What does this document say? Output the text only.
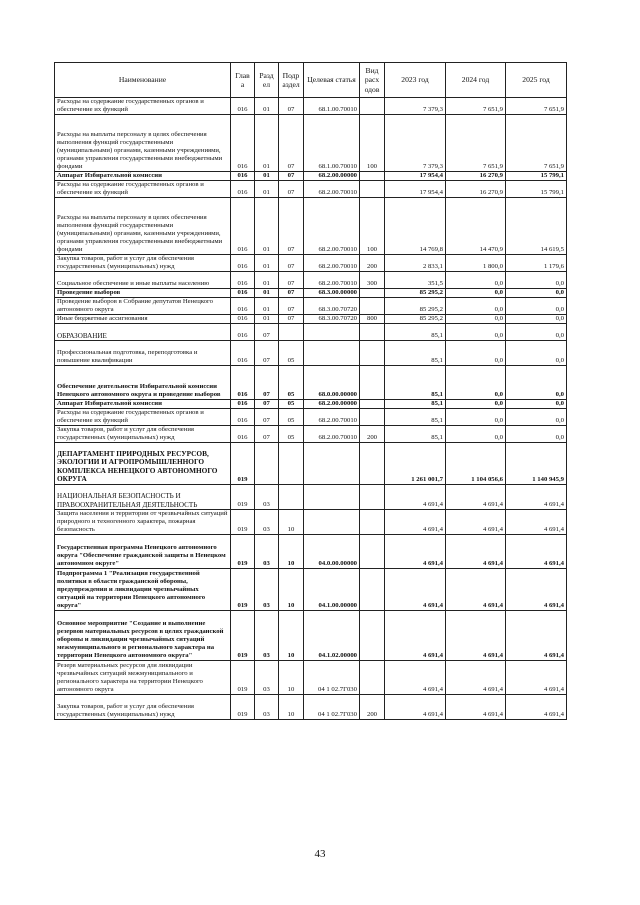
Наименование	Глав а	Разд ел	Подр аздел	Целевая статья	Вид расх одов	2023 год	2024 год	2025 год
Расходы на содержание государственных органов и обеспечение их функций	016	01	07	68.1.00.70010		7 379,3	7 651,9	7 651,9
Расходы на выплаты персоналу в целях обеспечения выполнения функций государственными (муниципальными) органами, казенными учреждениями, органами управления государственными внебюджетными фондами	016	01	07	68.1.00.70010	100	7 379,3	7 651,9	7 651,9
Аппарат Избирательной комиссии	016	01	07	68.2.00.00000		17 954,4	16 270,9	15 799,1
Расходы на содержание государственных органов и обеспечение их функций	016	01	07	68.2.00.70010		17 954,4	16 270,9	15 799,1
Расходы на выплаты персоналу в целях обеспечения выполнения функций государственными (муниципальными) органами, казенными учреждениями, органами управления государственными внебюджетными фондами	016	01	07	68.2.00.70010	100	14 769,8	14 470,9	14 619,5
Закупка товаров, работ и услуг для обеспечения государственных (муниципальных) нужд	016	01	07	68.2.00.70010	200	2 833,1	1 800,0	1 179,6
Социальное обеспечение и иные выплаты населению	016	01	07	68.2.00.70010	300	351,5	0,0	0,0
Проведение выборов	016	01	07	68.3.00.00000		85 295,2	0,0	0,0
Проведение выборов в Собрание депутатов Ненецкого автономного округа	016	01	07	68.3.00.70720		85 295,2	0,0	0,0
Иные бюджетные ассигнования	016	01	07	68.3.00.70720	800	85 295,2	0,0	0,0
ОБРАЗОВАНИЕ	016	07				85,1	0,0	0,0
Профессиональная подготовка, переподготовка и повышение квалификации	016	07	05			85,1	0,0	0,0
Обеспечение деятельности Избирательной комиссии Ненецкого автономного округа и проведение выборов	016	07	05	68.0.00.00000		85,1	0,0	0,0
Аппарат Избирательной комиссии	016	07	05	68.2.00.00000		85,1	0,0	0,0
Расходы на содержание государственных органов и обеспечение их функций	016	07	05	68.2.00.70010		85,1	0,0	0,0
Закупка товаров, работ и услуг для обеспечения государственных (муниципальных) нужд	016	07	05	68.2.00.70010	200	85,1	0,0	0,0
ДЕПАРТАМЕНТ ПРИРОДНЫХ РЕСУРСОВ, ЭКОЛОГИИ И АГРОПРОМЫШЛЕННОГО КОМПЛЕКСА НЕНЕЦКОГО АВТОНОМНОГО ОКРУГА	019					1 261 001,7	1 104 056,6	1 140 945,9
НАЦИОНАЛЬНАЯ БЕЗОПАСНОСТЬ И ПРАВООХРАНИТЕЛЬНАЯ ДЕЯТЕЛЬНОСТЬ	019	03				4 691,4	4 691,4	4 691,4
Защита населения и территории от чрезвычайных ситуаций природного и техногенного характера, пожарная безопасность	019	03	10			4 691,4	4 691,4	4 691,4
Государственная программа Ненецкого автономного округа "Обеспечение гражданской защиты в Ненецком автономном округе"	019	03	10	04.0.00.00000		4 691,4	4 691,4	4 691,4
Подпрограмма 1 "Реализация государственной политики в области гражданской обороны, предупреждения и ликвидации чрезвычайных ситуаций на территории Ненецкого автономного округа"	019	03	10	04.1.00.00000		4 691,4	4 691,4	4 691,4
Основное мероприятие "Создание и выполнение резервов материальных ресурсов в целях гражданской обороны и ликвидации чрезвычайных ситуаций межмуниципального и регионального характера на территории Ненецкого автономного округа"	019	03	10	04.1.02.00000		4 691,4	4 691,4	4 691,4
Резерв материальных ресурсов для ликвидации чрезвычайных ситуаций межмуниципального и регионального характера на территории Ненецкого автономного округа	019	03	10	04 1 02.7Г030		4 691,4	4 691,4	4 691,4
Закупка товаров, работ и услуг для обеспечения государственных (муниципальных) нужд	019	03	10	04 1 02.7Г030	200	4 691,4	4 691,4	4 691,4
43
